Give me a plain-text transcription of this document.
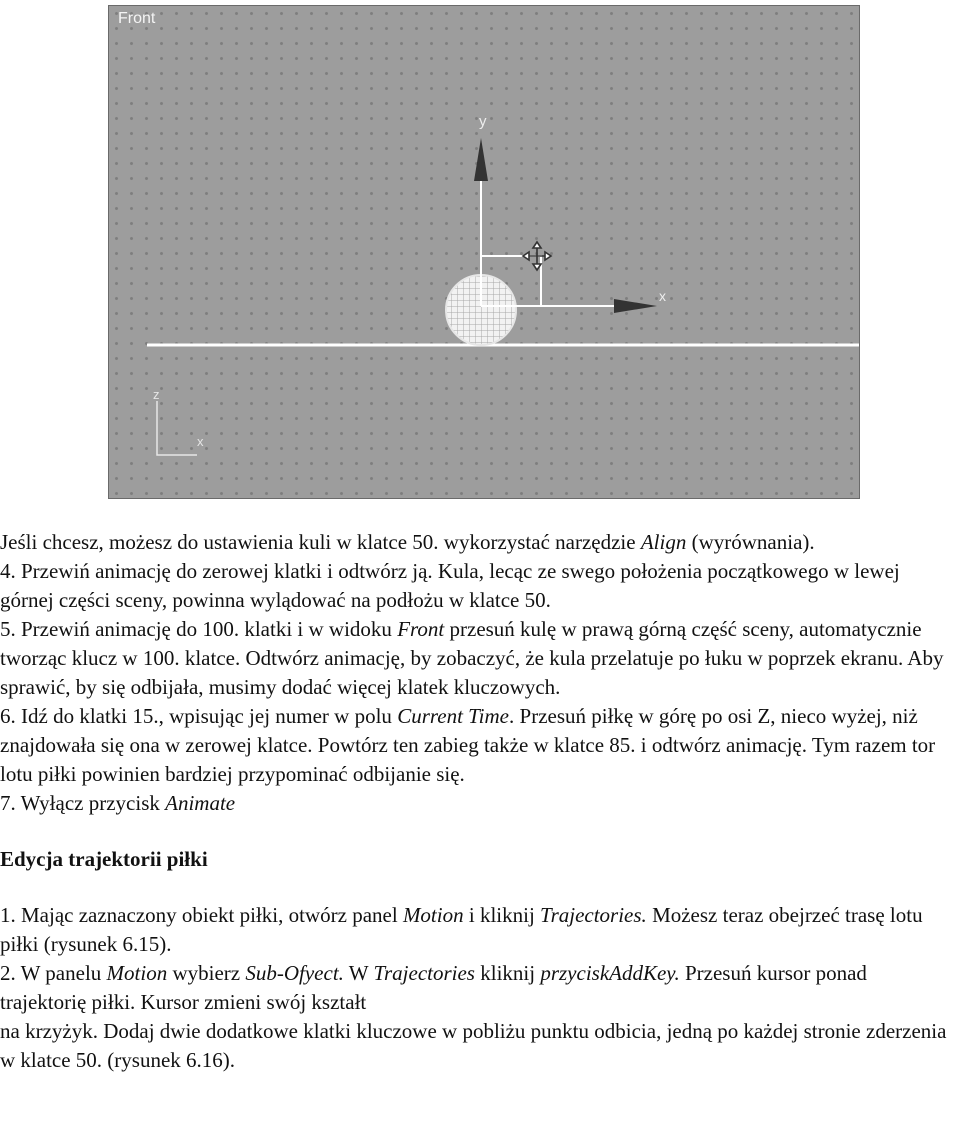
y
x
z
x
Front

Jeśli chcesz, możesz do ustawienia kuli w klatce 50. wykorzystać narzędzie Align (wyrównania).

4. Przewiń animację do zerowej klatki i odtwórz ją. Kula, lecąc ze swego położenia początkowego w lewej górnej części sceny, powinna wylądować na podłożu w klatce 50.

5. Przewiń animację do 100. klatki i w widoku Front przesuń kulę w prawą górną część sceny, automatycznie tworząc klucz w 100. klatce. Odtwórz animację, by zobaczyć, że kula przelatuje po łuku w poprzek ekranu. Aby sprawić, by się odbijała, musimy dodać więcej klatek kluczowych.

6. Idź do klatki 15., wpisując jej numer w polu Current Time. Przesuń piłkę w górę po osi Z, nieco wyżej, niż znajdowała się ona w zerowej klatce. Powtórz ten zabieg także w klatce 85. i odtwórz animację. Tym razem tor lotu piłki powinien bardziej przypominać odbijanie się.

7. Wyłącz przycisk Animate

Edycja trajektorii piłki

1. Mając zaznaczony obiekt piłki, otwórz panel Motion i kliknij Trajectories. Możesz teraz obejrzeć trasę lotu piłki (rysunek 6.15).

2. W panelu Motion wybierz Sub-Ofyect. W Trajectories kliknij przyciskAddKey. Przesuń kursor ponad trajektorię piłki. Kursor zmieni swój kształt

na krzyżyk. Dodaj dwie dodatkowe klatki kluczowe w pobliżu punktu odbicia, jedną po każdej stronie zderzenia w klatce 50. (rysunek 6.16).
